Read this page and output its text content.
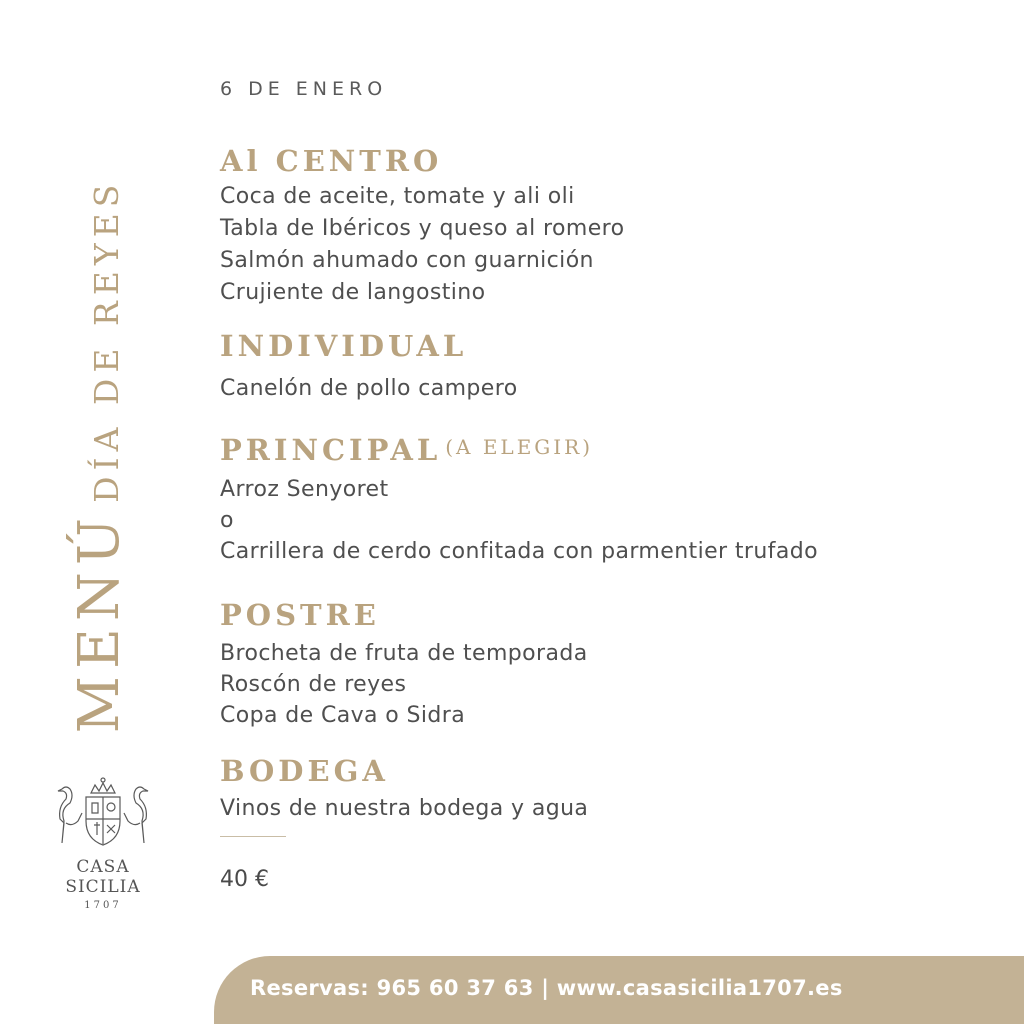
6 DE ENERO
MENÚDÍA DE REYES
Al CENTRO
Coca de aceite, tomate y ali oli
Tabla de Ibéricos y queso al romero
Salmón ahumado con guarnición
Crujiente de langostino
INDIVIDUAL
Canelón de pollo campero
PRINCIPAL $^{(A ELEGIR)}$
Arroz Senyoret
o
Carrillera de cerdo confitada con parmentier trufado
POSTRE
Brocheta de fruta de temporada
Roscón de reyes
Copa de Cava o Sidra
BODEGA
Vinos de nuestra bodega y agua
40 €
CASA SICILIA
1707
Reservas: 965 60 37 63 | www.casasicilia1707.es
